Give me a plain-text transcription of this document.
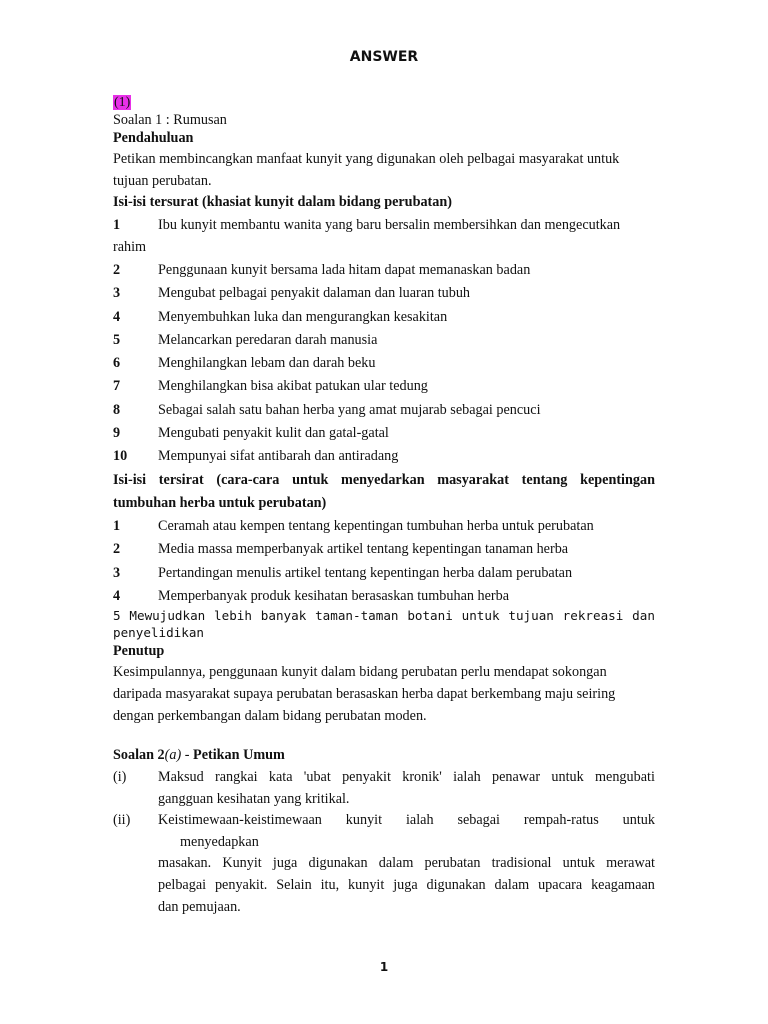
ANSWER
(1)
Soalan 1 : Rumusan
Pendahuluan
Petikan membincangkan manfaat kunyit yang digunakan oleh pelbagai masyarakat untuk
tujuan perubatan.
Isi-isi tersurat (khasiat kunyit dalam bidang perubatan)
1	Ibu kunyit membantu wanita yang baru bersalin membersihkan dan mengecutkan
2	Penggunaan kunyit bersama lada hitam dapat memanaskan badan
3	Mengubat pelbagai penyakit dalaman dan luaran tubuh
4	Menyembuhkan luka dan mengurangkan kesakitan
5	Melancarkan peredaran darah manusia
6	Menghilangkan lebam dan darah beku
7	Menghilangkan bisa akibat patukan ular tedung
8	Sebagai salah satu bahan herba yang amat mujarab sebagai pencuci
9	Mengubati penyakit kulit dan gatal-gatal
10 Mempunyai sifat antibarah dan antiradang
rahim
Isi-isi tersirat (cara-cara untuk menyedarkan masyarakat tentang kepentingan
tumbuhan herba untuk perubatan)
1	Ceramah atau kempen tentang kepentingan tumbuhan herba untuk perubatan
2	Media massa memperbanyak artikel tentang kepentingan tanaman herba
3	Pertandingan menulis artikel tentang kepentingan herba dalam perubatan
4	Memperbanyak produk kesihatan berasaskan tumbuhan herba
5 Mewujudkan lebih banyak taman-taman botani untuk tujuan rekreasi dan
penyelidikan
Penutup
Kesimpulannya, penggunaan kunyit dalam bidang perubatan perlu mendapat sokongan
daripada masyarakat supaya perubatan berasaskan herba dapat berkembang maju seiring
dengan perkembangan dalam bidang perubatan moden.
Soalan 2(a) - Petikan Umum
(i)	Maksud rangkai kata 'ubat penyakit kronik' ialah penawar untuk mengubati
gangguan kesihatan yang kritikal.
(ii)	Keistimewaan-keistimewaan kunyit ialah sebagai rempah-ratus untuk
menyedapkan
masakan. Kunyit juga digunakan dalam perubatan tradisional untuk merawat
pelbagai penyakit. Selain itu, kunyit juga digunakan dalam upacara keagamaan
dan pemujaan.
1
